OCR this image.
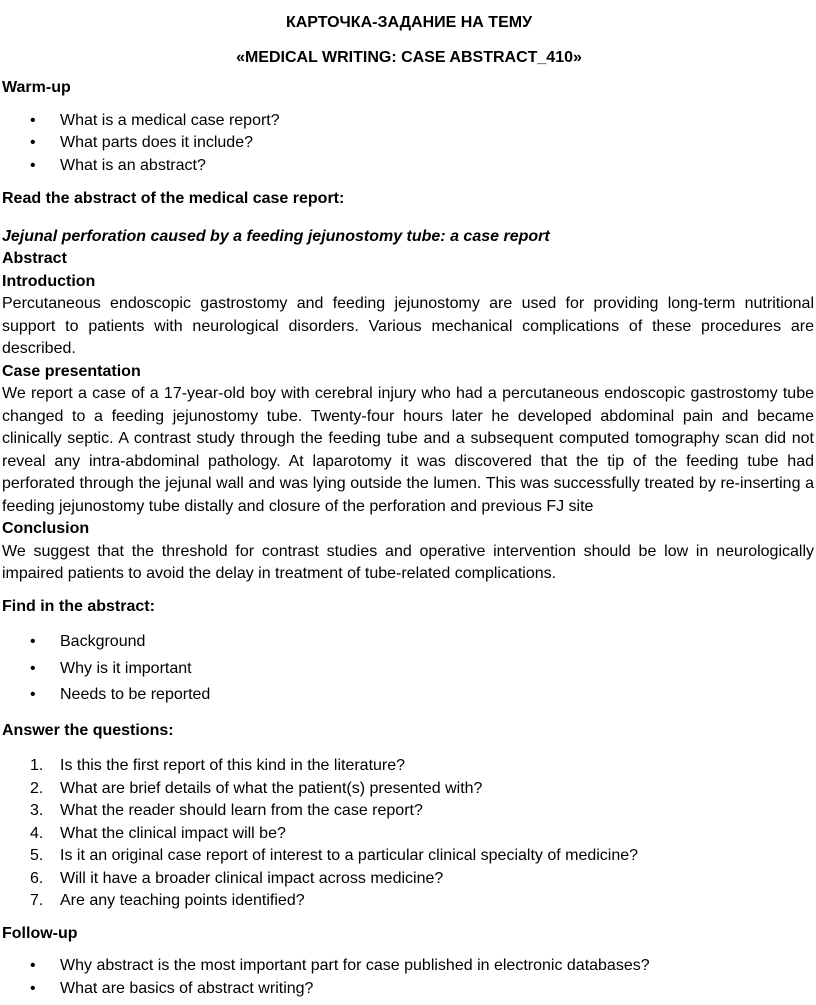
КАРТОЧКА-ЗАДАНИЕ НА ТЕМУ

«MEDICAL WRITING: CASE ABSTRACT_410»

Warm-up

• What is a medical case report?
• What parts does it include?
• What is an abstract?

Read the abstract of the medical case report:

Jejunal perforation caused by a feeding jejunostomy tube: a case report

Abstract

Introduction

Percutaneous endoscopic gastrostomy and feeding jejunostomy are used for providing long-term nutritional support to patients with neurological disorders. Various mechanical complications of these procedures are described.

Case presentation

We report a case of a 17-year-old boy with cerebral injury who had a percutaneous endoscopic gastrostomy tube changed to a feeding jejunostomy tube. Twenty-four hours later he developed abdominal pain and became clinically septic. A contrast study through the feeding tube and a subsequent computed tomography scan did not reveal any intra-abdominal pathology. At laparotomy it was discovered that the tip of the feeding tube had perforated through the jejunal wall and was lying outside the lumen. This was successfully treated by re-inserting a feeding jejunostomy tube distally and closure of the perforation and previous FJ site

Conclusion

We suggest that the threshold for contrast studies and operative intervention should be low in neurologically impaired patients to avoid the delay in treatment of tube-related complications.

Find in the abstract:

• Background
• Why is it important
• Needs to be reported

Answer the questions:

1. Is this the first report of this kind in the literature?
2. What are brief details of what the patient(s) presented with?
3. What the reader should learn from the case report?
4. What the clinical impact will be?
5. Is it an original case report of interest to a particular clinical specialty of medicine?
6. Will it have a broader clinical impact across medicine?
7. Are any teaching points identified?

Follow-up

• Why abstract is the most important part for case published in electronic databases?
• What are basics of abstract writing?
